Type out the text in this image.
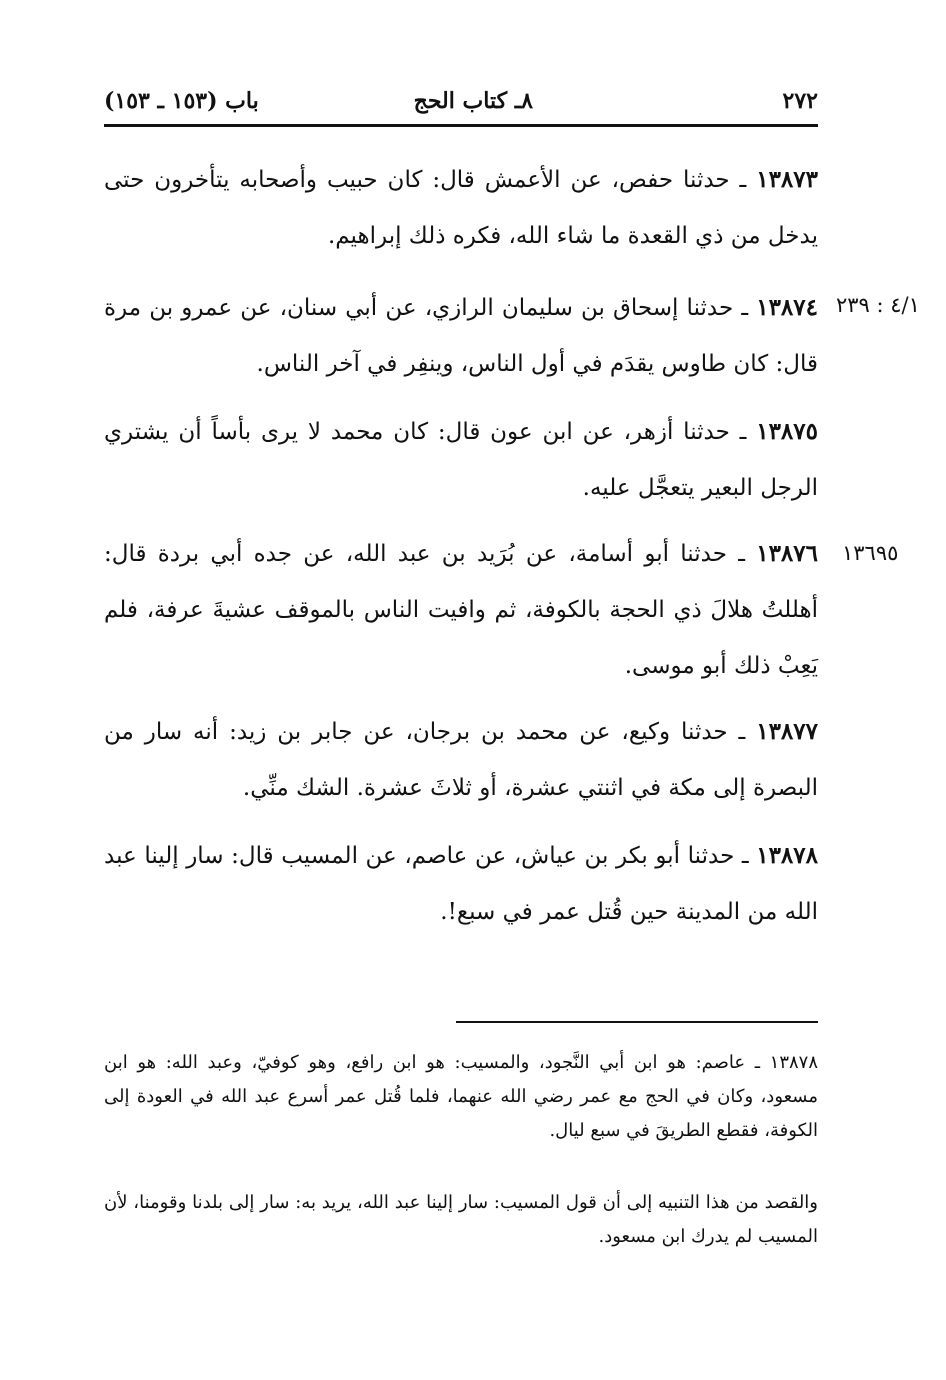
٢٧٢
٨ـ كتاب الحج
باب (١٥٣ ـ ١٥٣)

١٣٨٧٣ ـ حدثنا حفص، عن الأعمش قال: كان حبيب وأصحابه يتأخرون حتى يدخل من ذي القعدة ما شاء الله، فكره ذلك إبراهيم.

٤/١ : ٢٣٩

١٣٨٧٤ ـ حدثنا إسحاق بن سليمان الرازي، عن أبي سنان، عن عمرو بن مرة قال: كان طاوس يقدَم في أول الناس، وينفِر في آخر الناس.

١٣٨٧٥ ـ حدثنا أزهر، عن ابن عون قال: كان محمد لا يرى بأساً أن يشتري الرجل البعير يتعجَّل عليه.

١٣٦٩٥

١٣٨٧٦ ـ حدثنا أبو أسامة، عن بُرَيد بن عبد الله، عن جده أبي بردة قال: أهللتُ هلالَ ذي الحجة بالكوفة، ثم وافيت الناس بالموقف عشيةَ عرفة، فلم يَعِبْ ذلك أبو موسى.

١٣٨٧٧ ـ حدثنا وكيع، عن محمد بن برجان، عن جابر بن زيد: أنه سار من البصرة إلى مكة في اثنتي عشرة، أو ثلاثَ عشرة. الشك منِّي.

١٣٨٧٨ ـ حدثنا أبو بكر بن عياش، عن عاصم، عن المسيب قال: سار إلينا عبد الله من المدينة حين قُتل عمر في سبع!.

١٣٨٧٨ ـ عاصم: هو ابن أبي النَّجود، والمسيب: هو ابن رافع، وهو كوفيّ، وعبد الله: هو ابن مسعود، وكان في الحج مع عمر رضي الله عنهما، فلما قُتل عمر أسرع عبد الله في العودة إلى الكوفة، فقطع الطريقَ في سبع ليال.

والقصد من هذا التنبيه إلى أن قول المسيب: سار إلينا عبد الله، يريد به: سار إلى بلدنا وقومنا، لأن المسيب لم يدرك ابن مسعود.
